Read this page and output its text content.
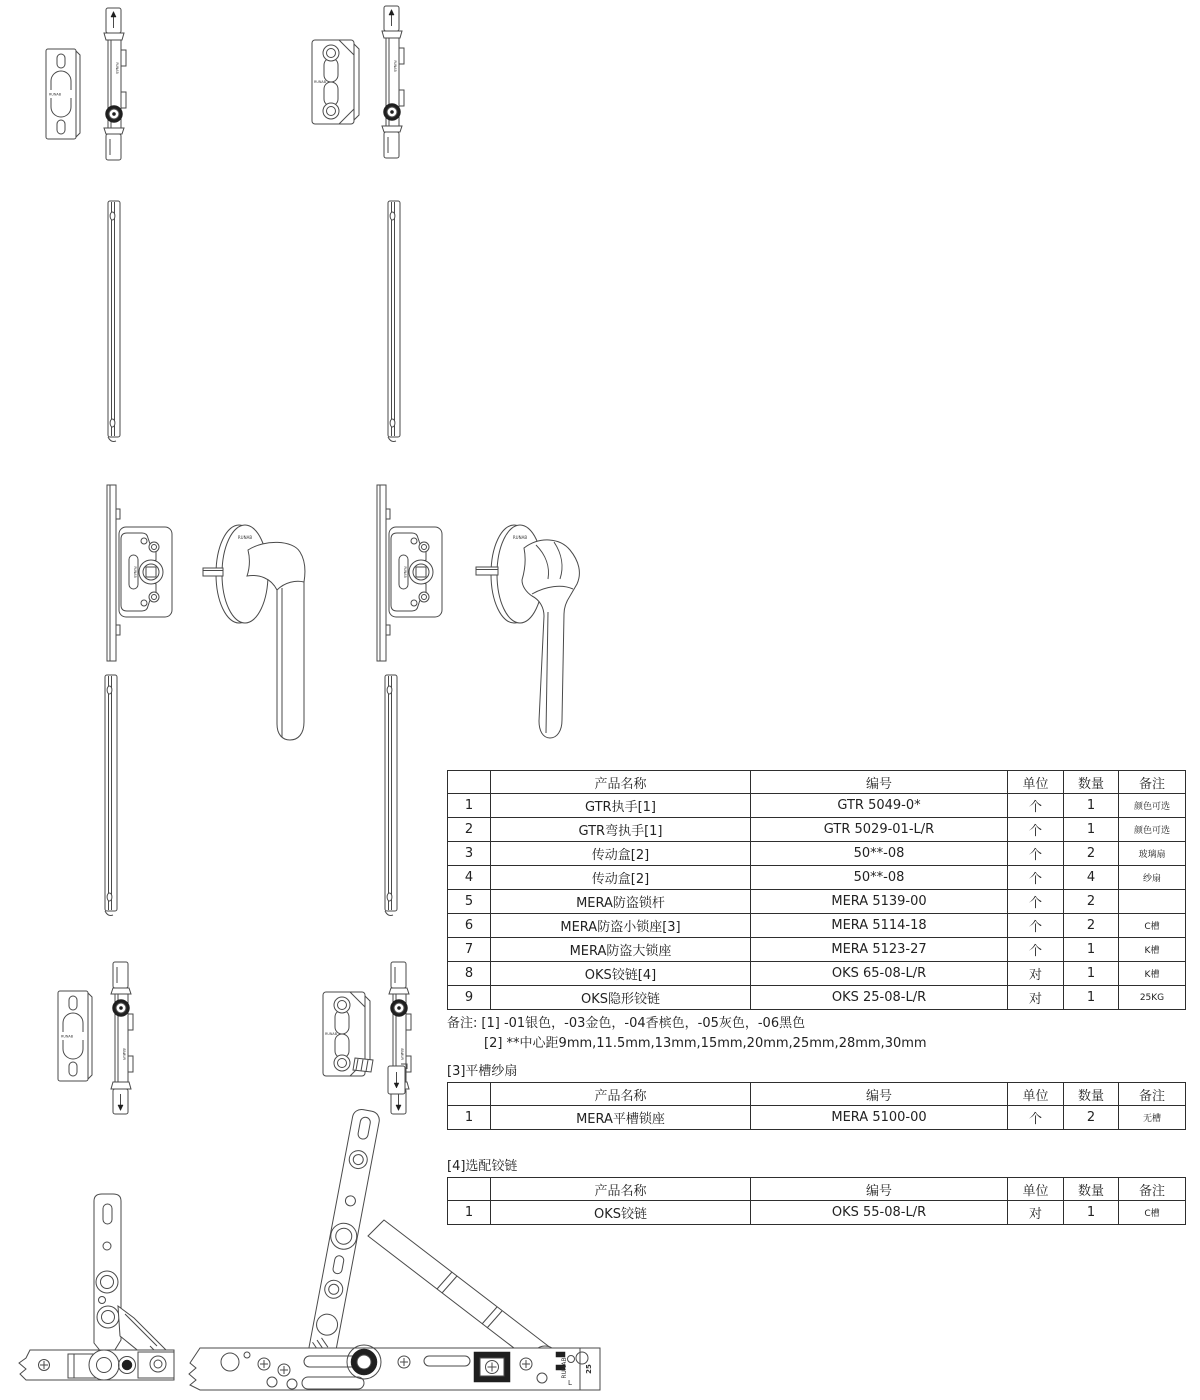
RUNAB
RUNAB
RUNAB
RUNAB
RUNAB
RUNAB
RUNAB
RUNAB
RUNAB
RUNAB
RUNAB
RUNAB
RUNAB
L
25
	产品名称	编号	单位	数量	备注
1	GTR执手[1]	GTR 5049-0*	个	1	颜色可选
2	GTR弯执手[1]	GTR 5029-01-L/R	个	1	颜色可选
3	传动盒[2]	50**-08	个	2	玻璃扇
4	传动盒[2]	50**-08	个	4	纱扇
5	MERA防盗锁杆	MERA 5139-00	个	2	
6	MERA防盗小锁座[3]	MERA 5114-18	个	2	C槽
7	MERA防盗大锁座	MERA 5123-27	个	1	K槽
8	OKS铰链[4]	OKS 65-08-L/R	对	1	K槽
9	OKS隐形铰链	OKS 25-08-L/R	对	1	25KG
备注: [1] -01银色，-03金色，-04香槟色，-05灰色，-06黑色
[2] **中心距9mm,11.5mm,13mm,15mm,20mm,25mm,28mm,30mm
[3]平槽纱扇
	产品名称	编号	单位	数量	备注
1	MERA平槽锁座	MERA 5100-00	个	2	无槽
[4]选配铰链
	产品名称	编号	单位	数量	备注
1	OKS铰链	OKS 55-08-L/R	对	1	C槽
